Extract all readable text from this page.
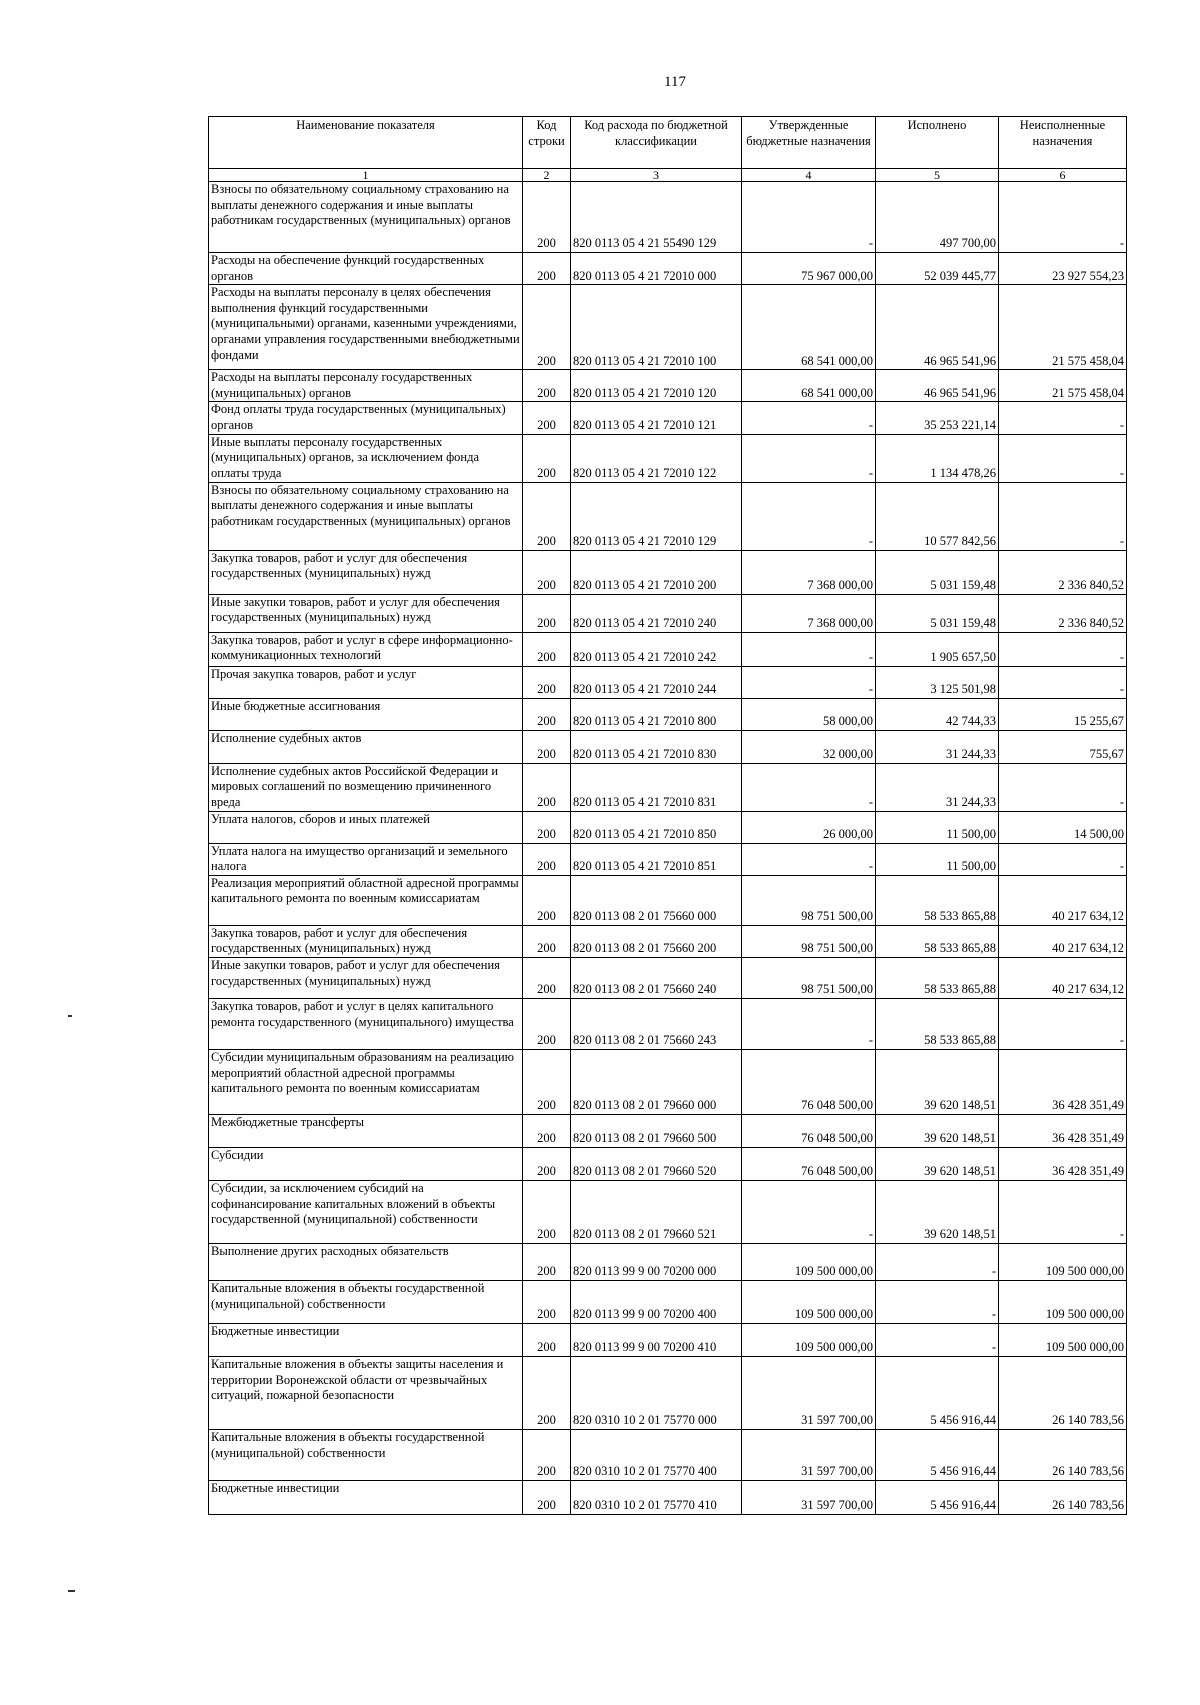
117
Наименование показателя	Код строки	Код расхода по бюджетной классификации	Утвержденные бюджетные назначения	Исполнено	Неисполненные назначения
1	2	3	4	5	6
Взносы по обязательному социальному страхованию на выплаты денежного содержания и иные выплаты работникам государственных (муниципальных) органов	200	820 0113 05 4 21 55490 129	-	497 700,00	-
Расходы на обеспечение функций государственных органов	200	820 0113 05 4 21 72010 000	75 967 000,00	52 039 445,77	23 927 554,23
Расходы на выплаты персоналу в целях обеспечения выполнения функций государственными (муниципальными) органами, казенными учреждениями, органами управления государственными внебюджетными фондами	200	820 0113 05 4 21 72010 100	68 541 000,00	46 965 541,96	21 575 458,04
Расходы на выплаты персоналу государственных (муниципальных) органов	200	820 0113 05 4 21 72010 120	68 541 000,00	46 965 541,96	21 575 458,04
Фонд оплаты труда государственных (муниципальных) органов	200	820 0113 05 4 21 72010 121	-	35 253 221,14	-
Иные выплаты персоналу государственных (муниципальных) органов, за исключением фонда оплаты труда	200	820 0113 05 4 21 72010 122	-	1 134 478,26	-
Взносы по обязательному социальному страхованию на выплаты денежного содержания и иные выплаты работникам государственных (муниципальных) органов	200	820 0113 05 4 21 72010 129	-	10 577 842,56	-
Закупка товаров, работ и услуг для обеспечения государственных (муниципальных) нужд	200	820 0113 05 4 21 72010 200	7 368 000,00	5 031 159,48	2 336 840,52
Иные закупки товаров, работ и услуг для обеспечения государственных (муниципальных) нужд	200	820 0113 05 4 21 72010 240	7 368 000,00	5 031 159,48	2 336 840,52
Закупка товаров, работ и услуг в сфере информационно-коммуникационных технологий	200	820 0113 05 4 21 72010 242	-	1 905 657,50	-
Прочая закупка товаров, работ и услуг	200	820 0113 05 4 21 72010 244	-	3 125 501,98	-
Иные бюджетные ассигнования	200	820 0113 05 4 21 72010 800	58 000,00	42 744,33	15 255,67
Исполнение судебных актов	200	820 0113 05 4 21 72010 830	32 000,00	31 244,33	755,67
Исполнение судебных актов Российской Федерации и мировых соглашений по возмещению причиненного вреда	200	820 0113 05 4 21 72010 831	-	31 244,33	-
Уплата налогов, сборов и иных платежей	200	820 0113 05 4 21 72010 850	26 000,00	11 500,00	14 500,00
Уплата налога на имущество организаций и земельного налога	200	820 0113 05 4 21 72010 851	-	11 500,00	-
Реализация мероприятий областной адресной программы капитального ремонта по военным комиссариатам	200	820 0113 08 2 01 75660 000	98 751 500,00	58 533 865,88	40 217 634,12
Закупка товаров, работ и услуг для обеспечения государственных (муниципальных) нужд	200	820 0113 08 2 01 75660 200	98 751 500,00	58 533 865,88	40 217 634,12
Иные закупки товаров, работ и услуг для обеспечения государственных (муниципальных) нужд	200	820 0113 08 2 01 75660 240	98 751 500,00	58 533 865,88	40 217 634,12
Закупка товаров, работ и услуг в целях капитального ремонта государственного (муниципального) имущества	200	820 0113 08 2 01 75660 243	-	58 533 865,88	-
Субсидии муниципальным образованиям на реализацию мероприятий областной адресной программы капитального ремонта по военным комиссариатам	200	820 0113 08 2 01 79660 000	76 048 500,00	39 620 148,51	36 428 351,49
Межбюджетные трансферты	200	820 0113 08 2 01 79660 500	76 048 500,00	39 620 148,51	36 428 351,49
Субсидии	200	820 0113 08 2 01 79660 520	76 048 500,00	39 620 148,51	36 428 351,49
Субсидии, за исключением субсидий на софинансирование капитальных вложений в объекты государственной (муниципальной) собственности	200	820 0113 08 2 01 79660 521	-	39 620 148,51	-
Выполнение других расходных обязательств	200	820 0113 99 9 00 70200 000	109 500 000,00	-	109 500 000,00
Капитальные вложения в объекты государственной (муниципальной) собственности	200	820 0113 99 9 00 70200 400	109 500 000,00	-	109 500 000,00
Бюджетные инвестиции	200	820 0113 99 9 00 70200 410	109 500 000,00	-	109 500 000,00
Капитальные вложения в объекты защиты населения и территории Воронежской области от чрезвычайных ситуаций, пожарной безопасности	200	820 0310 10 2 01 75770 000	31 597 700,00	5 456 916,44	26 140 783,56
Капитальные вложения в объекты государственной (муниципальной) собственности	200	820 0310 10 2 01 75770 400	31 597 700,00	5 456 916,44	26 140 783,56
Бюджетные инвестиции	200	820 0310 10 2 01 75770 410	31 597 700,00	5 456 916,44	26 140 783,56
